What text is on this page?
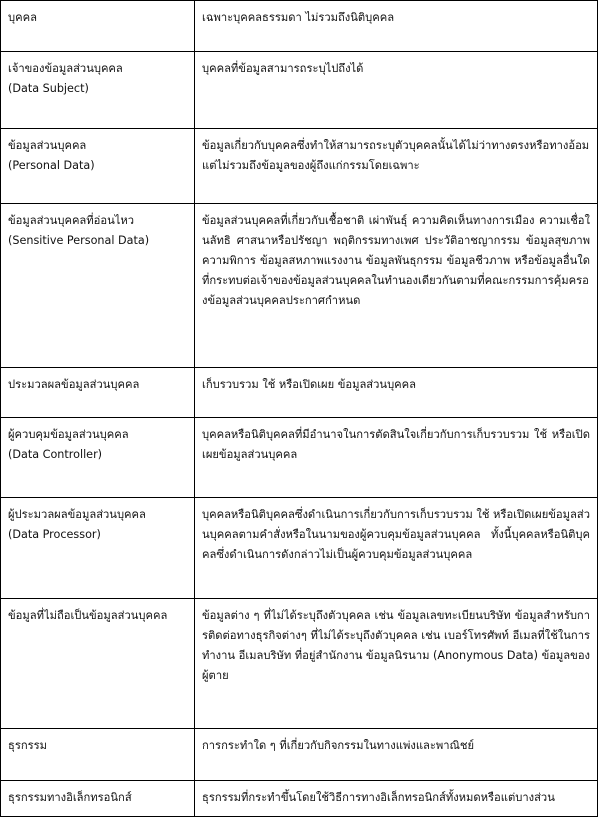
บุคคล	เฉพาะบุคคลธรรมดา ไม่รวมถึงนิติบุคคล

เจ้าของข้อมูลส่วนบุคคล
(Data Subject)	บุคคลที่ข้อมูลสามารถระบุไปถึงได้

ข้อมูลส่วนบุคคล
(Personal Data)	ข้อมูลเกี่ยวกับบุคคลซึ่งทำให้สามารถระบุตัวบุคคลนั้นได้ไม่ว่าทางตรงหรือทางอ้อม แต่ไม่รวมถึงข้อมูลของผู้ถึงแก่กรรมโดยเฉพาะ

ข้อมูลส่วนบุคคลที่อ่อนไหว
(Sensitive Personal Data)	ข้อมูลส่วนบุคคลที่เกี่ยวกับเชื้อชาติ เผ่าพันธุ์ ความคิดเห็นทางการเมือง ความเชื่อในลัทธิ ศาสนาหรือปรัชญา พฤติกรรมทางเพศ ประวัติอาชญากรรม ข้อมูลสุขภาพ ความพิการ ข้อมูลสหภาพแรงงาน ข้อมูลพันธุกรรม ข้อมูลชีวภาพ หรือข้อมูลอื่นใดที่กระทบต่อเจ้าของข้อมูลส่วนบุคคลในทำนองเดียวกันตามที่คณะกรรมการคุ้มครองข้อมูลส่วนบุคคลประกาศกำหนด

ประมวลผลข้อมูลส่วนบุคคล	เก็บรวบรวม ใช้ หรือเปิดเผย ข้อมูลส่วนบุคคล

ผู้ควบคุมข้อมูลส่วนบุคคล
(Data Controller)	บุคคลหรือนิติบุคคลที่มีอำนาจในการตัดสินใจเกี่ยวกับการเก็บรวบรวม ใช้ หรือเปิดเผยข้อมูลส่วนบุคคล

ผู้ประมวลผลข้อมูลส่วนบุคคล
(Data Processor)	บุคคลหรือนิติบุคคลซึ่งดำเนินการเกี่ยวกับการเก็บรวบรวม ใช้ หรือเปิดเผยข้อมูลส่วนบุคคลตามคำสั่งหรือในนามของผู้ควบคุมข้อมูลส่วนบุคคล ทั้งนี้บุคคลหรือนิติบุคคลซึ่งดำเนินการดังกล่าวไม่เป็นผู้ควบคุมข้อมูลส่วนบุคคล

ข้อมูลที่ไม่ถือเป็นข้อมูลส่วนบุคคล	ข้อมูลต่าง ๆ ที่ไม่ได้ระบุถึงตัวบุคคล เช่น ข้อมูลเลขทะเบียนบริษัท ข้อมูลสำหรับการติดต่อทางธุรกิจต่างๆ ที่ไม่ได้ระบุถึงตัวบุคคล เช่น เบอร์โทรศัพท์ อีเมลที่ใช้ในการทำงาน อีเมลบริษัท ที่อยู่สำนักงาน ข้อมูลนิรนาม (Anonymous Data) ข้อมูลของผู้ตาย

ธุรกรรม	การกระทำใด ๆ ที่เกี่ยวกับกิจกรรมในทางแพ่งและพาณิชย์

ธุรกรรมทางอิเล็กทรอนิกส์	ธุรกรรมที่กระทำขึ้นโดยใช้วิธีการทางอิเล็กทรอนิกส์ทั้งหมดหรือแต่บางส่วน
